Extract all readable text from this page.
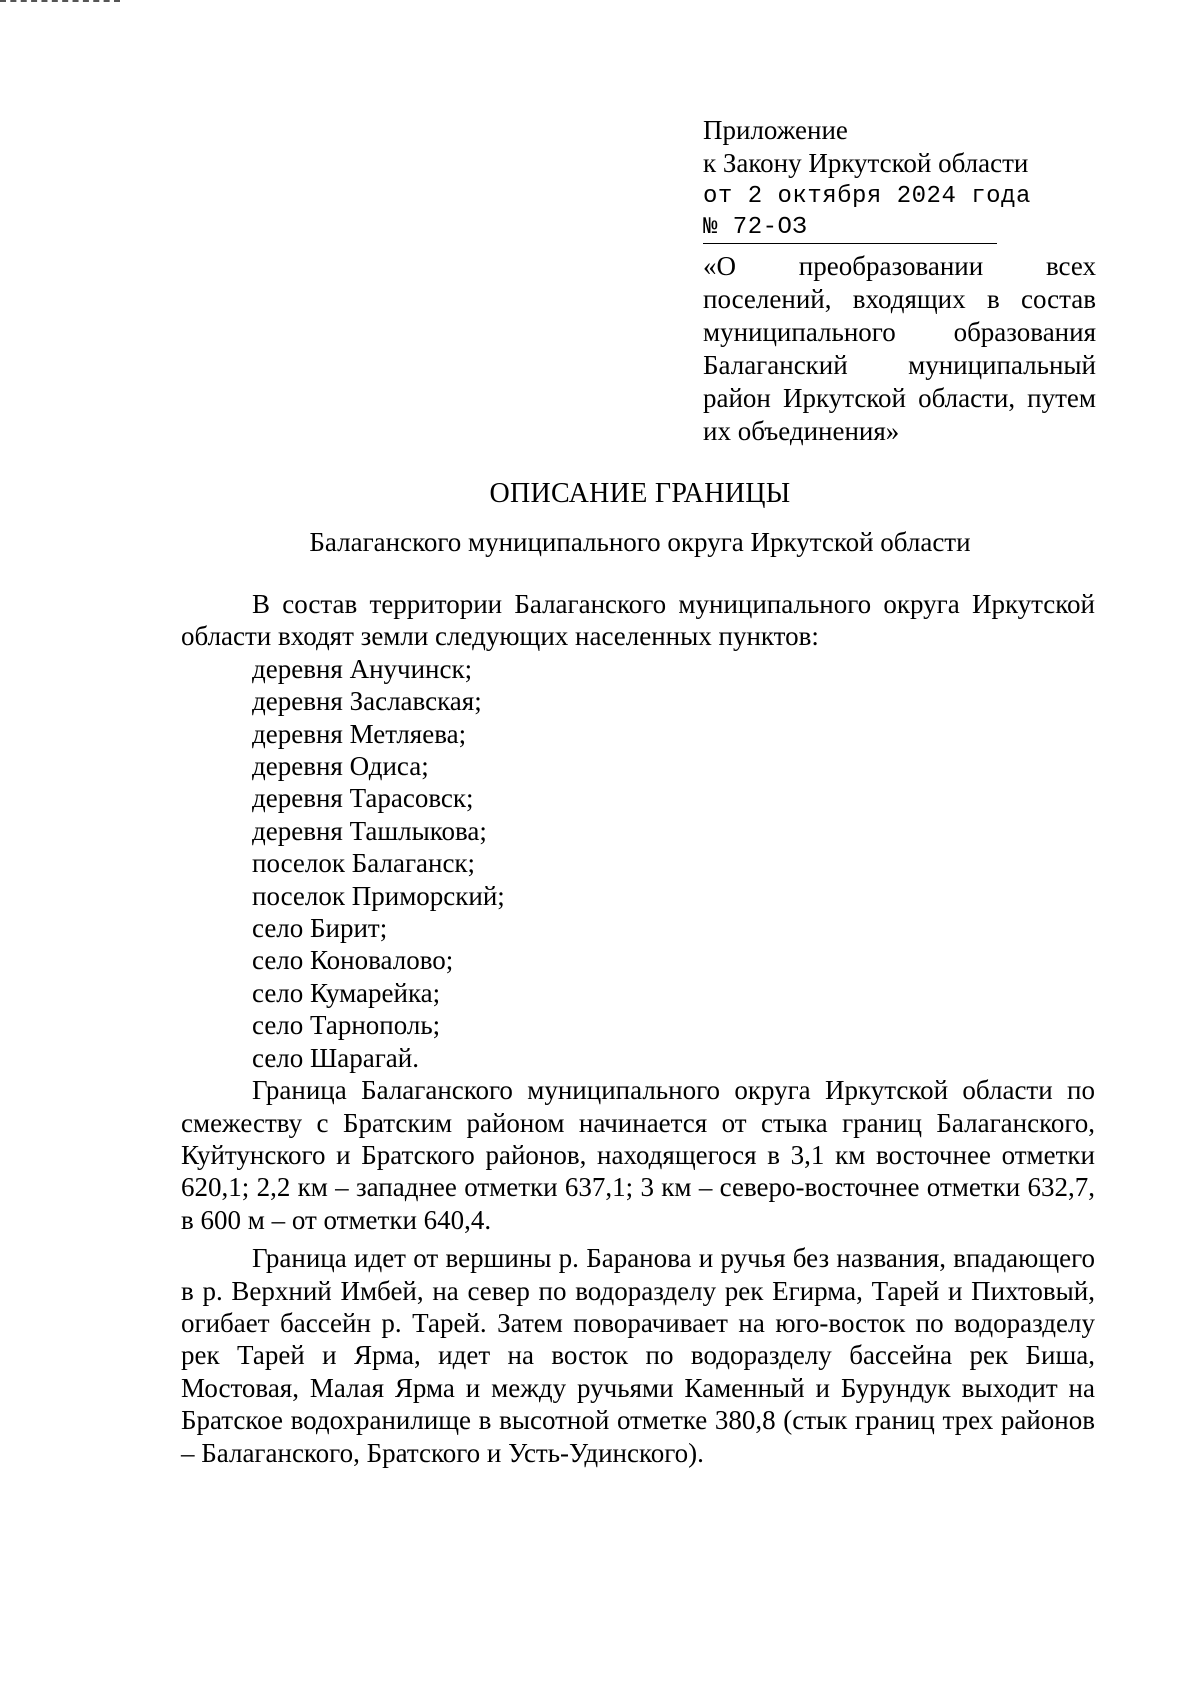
Приложение
к Закону Иркутской области
от 2 октября 2024 года
№ 72-ОЗ
«О преобразовании всех поселений, входящих в состав муниципального образования Балаганский муниципальный район Иркутской области, путем их объединения»
ОПИСАНИЕ ГРАНИЦЫ
Балаганского муниципального округа Иркутской области

В состав территории Балаганского муниципального округа Иркутской области входят земли следующих населенных пунктов:

деревня Анучинск;
деревня Заславская;
деревня Метляева;
деревня Одиса;
деревня Тарасовск;
деревня Ташлыкова;
поселок Балаганск;
поселок Приморский;
село Бирит;
село Коновалово;
село Кумарейка;
село Тарнополь;
село Шарагай.

Граница Балаганского муниципального округа Иркутской области по смежеству с Братским районом начинается от стыка границ Балаганского, Куйтунского и Братского районов, находящегося в 3,1 км восточнее отметки 620,1; 2,2 км – западнее отметки 637,1; 3 км – северо-восточнее отметки 632,7, в 600 м – от отметки 640,4.

Граница идет от вершины р. Баранова и ручья без названия, впадающего в р. Верхний Имбей, на север по водоразделу рек Егирма, Тарей и Пихтовый, огибает бассейн р. Тарей. Затем поворачивает на юго-восток по водоразделу рек Тарей и Ярма, идет на восток по водоразделу бассейна рек Биша, Мостовая, Малая Ярма и между ручьями Каменный и Бурундук выходит на Братское водохранилище в высотной отметке 380,8 (стык границ трех районов – Балаганского, Братского и Усть-Удинского).
